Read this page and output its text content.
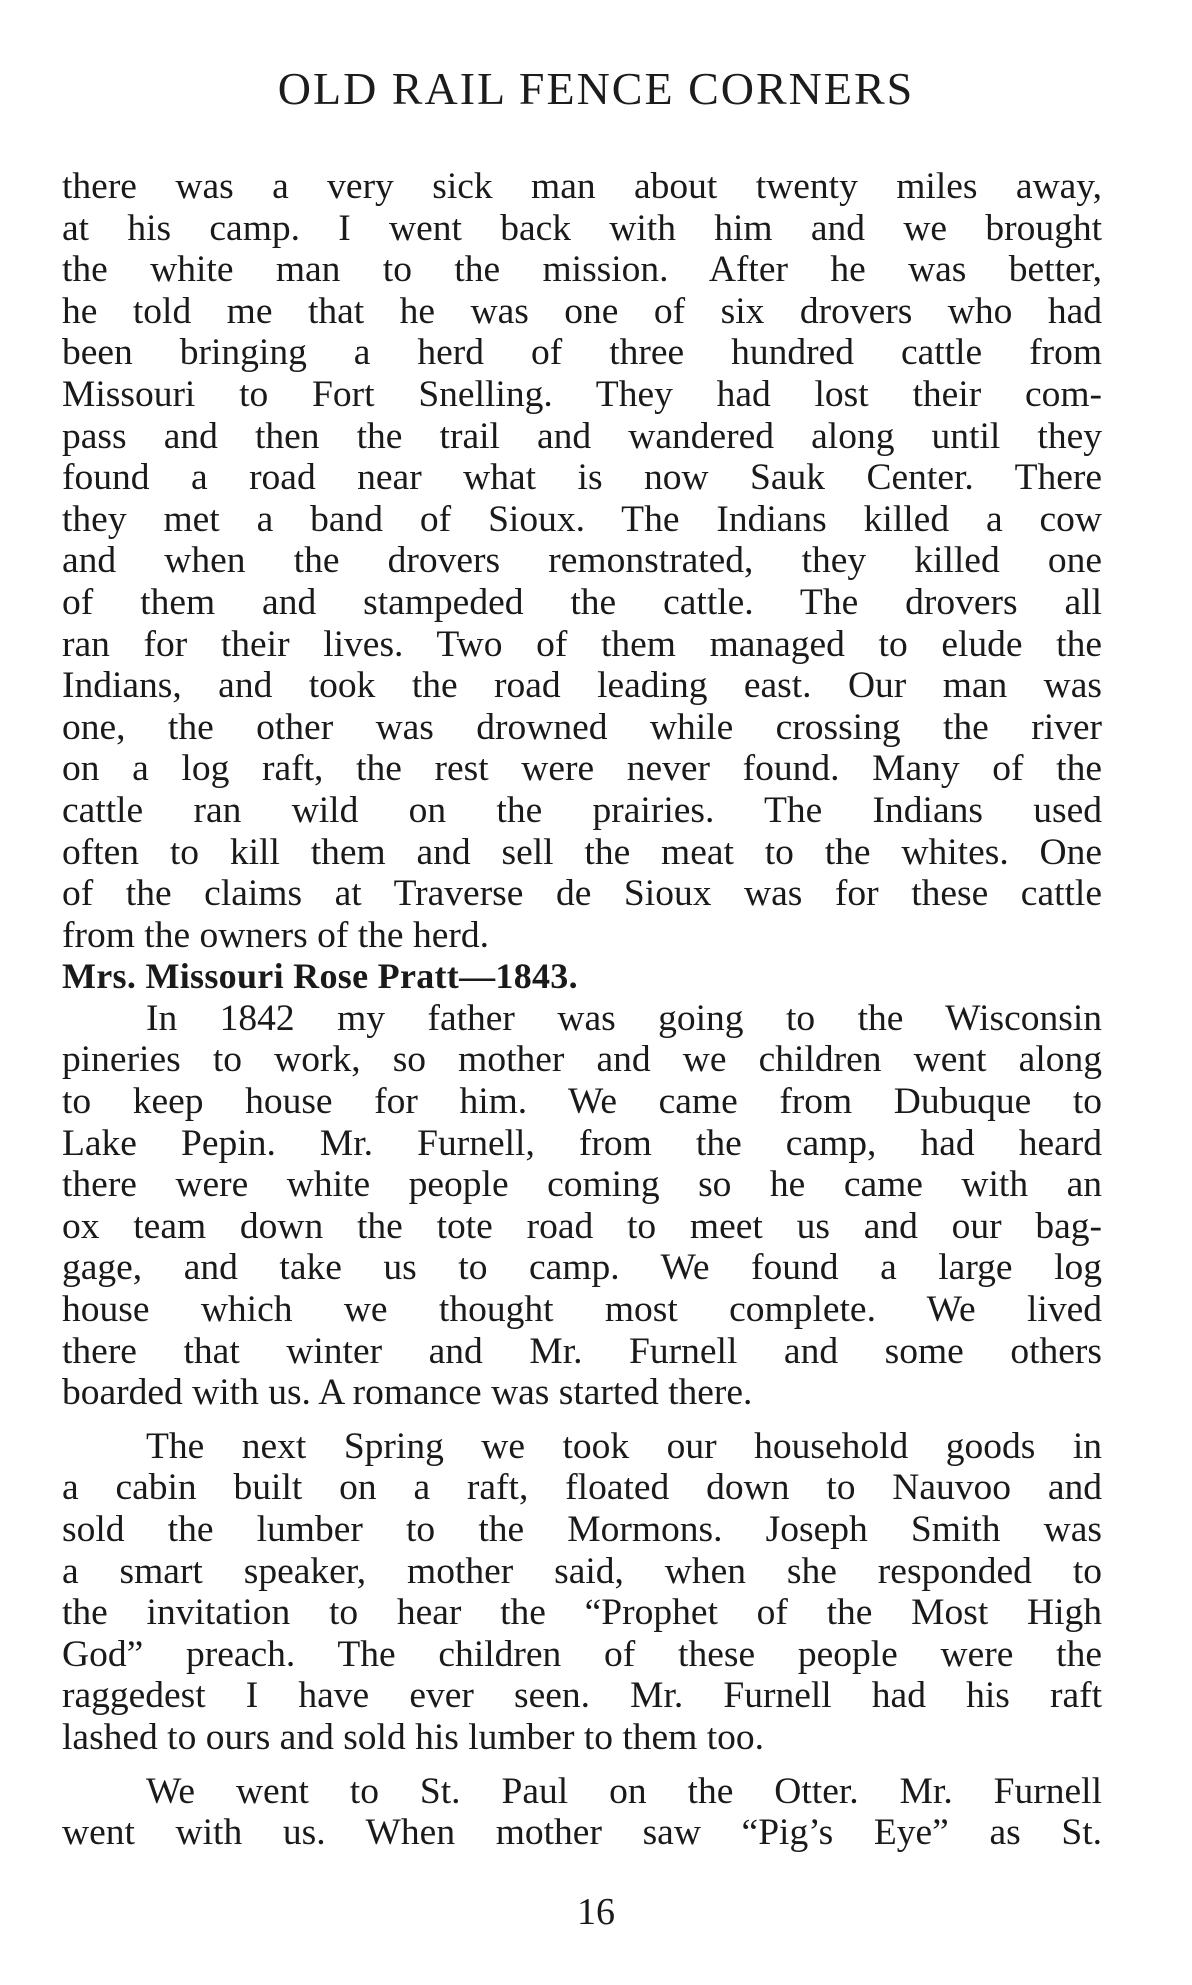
OLD RAIL FENCE CORNERS
there was a very sick man about twenty miles away,
at his camp. I went back with him and we brought
the white man to the mission. After he was better,
he told me that he was one of six drovers who had
been bringing a herd of three hundred cattle from
Missouri to Fort Snelling. They had lost their com-
pass and then the trail and wandered along until they
found a road near what is now Sauk Center. There
they met a band of Sioux. The Indians killed a cow
and when the drovers remonstrated, they killed one
of them and stampeded the cattle. The drovers all
ran for their lives. Two of them managed to elude the
Indians, and took the road leading east. Our man was
one, the other was drowned while crossing the river
on a log raft, the rest were never found. Many of the
cattle ran wild on the prairies. The Indians used
often to kill them and sell the meat to the whites. One
of the claims at Traverse de Sioux was for these cattle
from the owners of the herd.
Mrs. Missouri Rose Pratt—1843.
In 1842 my father was going to the Wisconsin
pineries to work, so mother and we children went along
to keep house for him. We came from Dubuque to
Lake Pepin. Mr. Furnell, from the camp, had heard
there were white people coming so he came with an
ox team down the tote road to meet us and our bag-
gage, and take us to camp. We found a large log
house which we thought most complete. We lived
there that winter and Mr. Furnell and some others
boarded with us. A romance was started there.
The next Spring we took our household goods in
a cabin built on a raft, floated down to Nauvoo and
sold the lumber to the Mormons. Joseph Smith was
a smart speaker, mother said, when she responded to
the invitation to hear the “Prophet of the Most High
God” preach. The children of these people were the
raggedest I have ever seen. Mr. Furnell had his raft
lashed to ours and sold his lumber to them too.
We went to St. Paul on the Otter. Mr. Furnell
went with us. When mother saw “Pig’s Eye” as St.
16
